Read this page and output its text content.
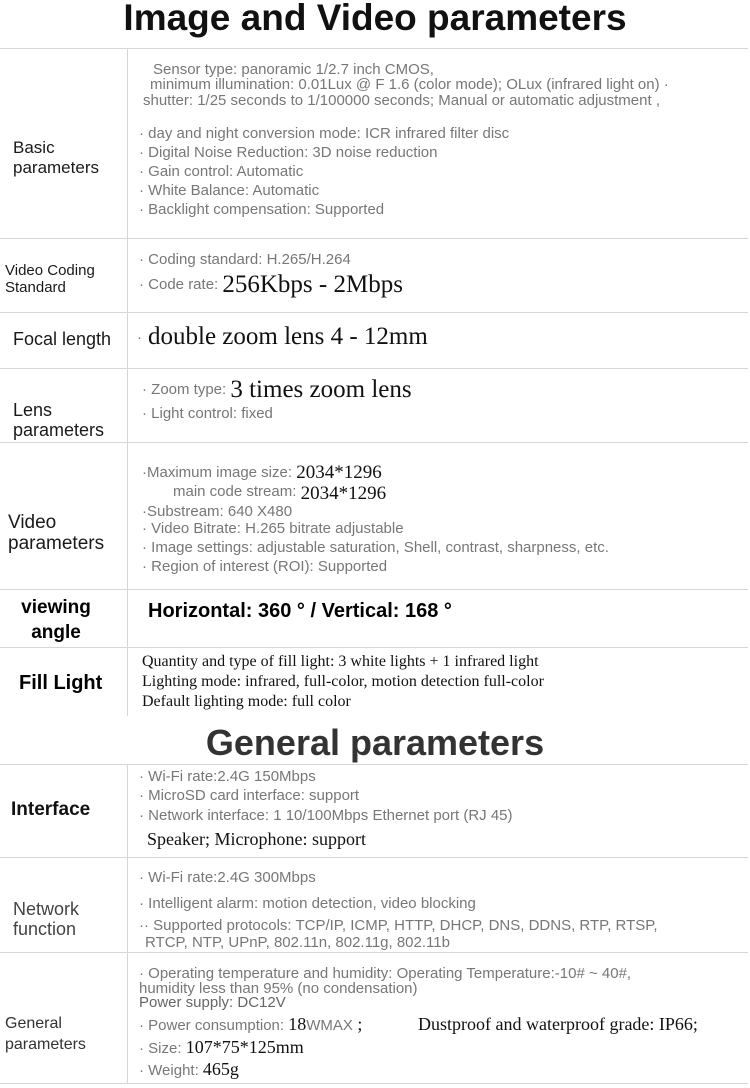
Image and Video parameters
Basic parameters
Sensor type: panoramic 1/2.7 inch CMOS,
minimum illumination: 0.01Lux @ F 1.6 (color mode); OLux (infrared light on) ·
shutter: 1/25 seconds to 1/100000 seconds; Manual or automatic adjustment ,
· day and night conversion mode: ICR infrared filter disc
· Digital Noise Reduction: 3D noise reduction
· Gain control: Automatic
· White Balance: Automatic
· Backlight compensation: Supported
Video Coding Standard
· Coding standard: H.265/H.264
· Code rate: 256Kbps - 2Mbps
Focal length	· double zoom lens 4 - 12mm
Lens parameters
· Zoom type: 3 times zoom lens
· Light control: fixed
Video parameters
·Maximum image size: 2034*1296
main code stream: 2034*1296
·Substream: 640 X480
· Video Bitrate: H.265 bitrate adjustable
· Image settings: adjustable saturation, Shell, contrast, sharpness, etc.
· Region of interest (ROI): Supported
viewing angle
Horizontal: 360 ° / Vertical: 168 °
Fill Light
Quantity and type of fill light: 3 white lights + 1 infrared light
Lighting mode: infrared, full-color, motion detection full-color
Default lighting mode: full color
General parameters
Interface
· Wi-Fi rate:2.4G 150Mbps
· MicroSD card interface: support
· Network interface: 1 10/100Mbps Ethernet port (RJ 45)
Speaker; Microphone: support
Network function
· Wi-Fi rate:2.4G 300Mbps
· Intelligent alarm: motion detection, video blocking
·· Supported protocols: TCP/IP, ICMP, HTTP, DHCP, DNS, DDNS, RTP, RTSP,
RTCP, NTP, UPnP, 802.11n, 802.11g, 802.11b
General parameters
· Operating temperature and humidity: Operating Temperature:-10# ~ 40#,
humidity less than 95% (no condensation)
Power supply: DC12V
· Power consumption: 18WMAX ;	Dustproof and waterproof grade: IP66;
· Size: 107*75*125mm
· Weight: 465g
